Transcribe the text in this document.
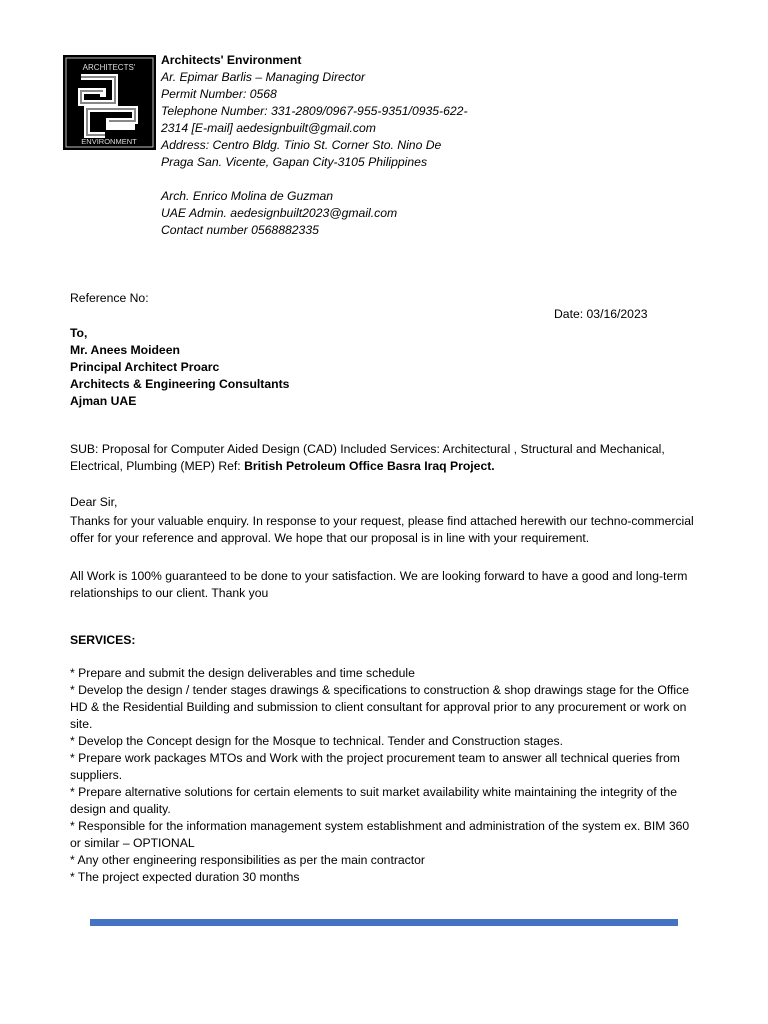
ARCHITECTS'
ENVIRONMENT
Architects' Environment
Ar. Epimar Barlis – Managing Director
Permit Number: 0568
Telephone Number: 331-2809/0967-955-9351/0935-622-2314 [E-mail] aedesignbuilt@gmail.com
Address: Centro Bldg. Tinio St. Corner Sto. Nino De Praga San. Vicente, Gapan City-3105 Philippines
Arch. Enrico Molina de Guzman
UAE Admin. aedesignbuilt2023@gmail.com
Contact number 0568882335
Reference No:
Date: 03/16/2023
To,
Mr. Anees Moideen
Principal Architect Proarc
Architects & Engineering Consultants
Ajman UAE
SUB: Proposal for Computer Aided Design (CAD) Included Services: Architectural , Structural and Mechanical, Electrical, Plumbing (MEP) Ref: British Petroleum Office Basra Iraq Project.
Dear Sir,
Thanks for your valuable enquiry. In response to your request, please find attached herewith our techno-commercial offer for your reference and approval. We hope that our proposal is in line with your requirement.
All Work is 100% guaranteed to be done to your satisfaction. We are looking forward to have a good and long-term relationships to our client. Thank you
SERVICES:
* Prepare and submit the design deliverables and time schedule
* Develop the design / tender stages drawings & specifications to construction & shop drawings stage for the Office HD & the Residential Building and submission to client consultant for approval prior to any procurement or work on site.
* Develop the Concept design for the Mosque to technical. Tender and Construction stages.
* Prepare work packages MTOs and Work with the project procurement team to answer all technical queries from suppliers.
* Prepare alternative solutions for certain elements to suit market availability white maintaining the integrity of the design and quality.
* Responsible for the information management system establishment and administration of the system ex. BIM 360 or similar – OPTIONAL
* Any other engineering responsibilities as per the main contractor
* The project expected duration 30 months
